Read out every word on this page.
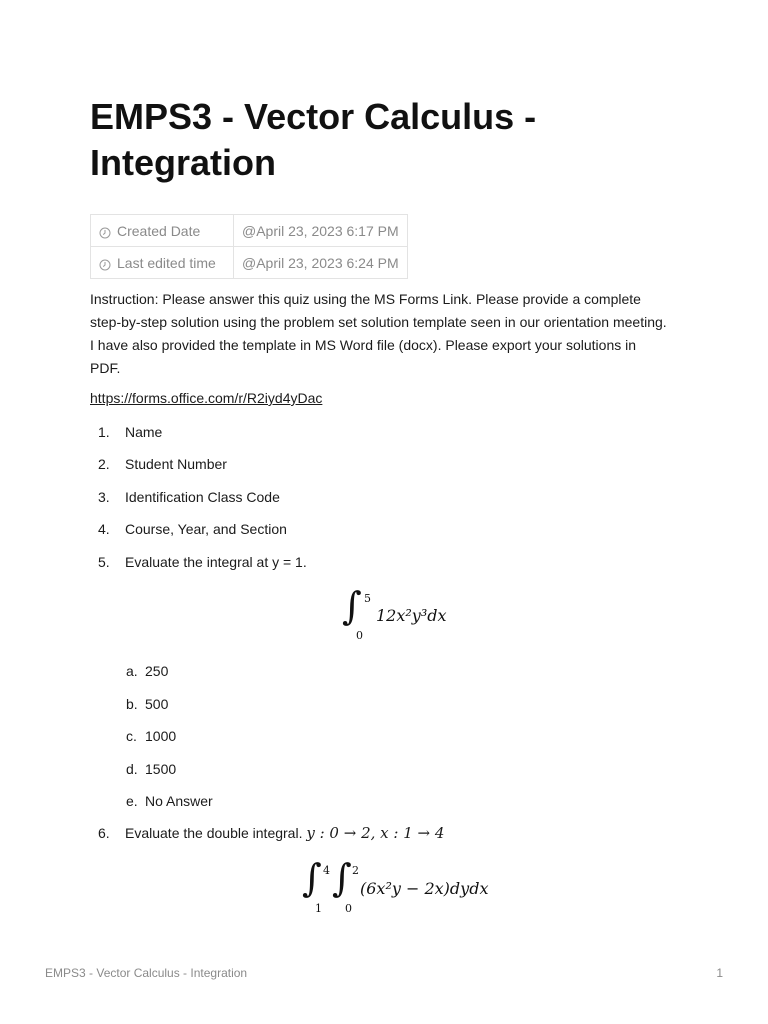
EMPS3 - Vector Calculus - Integration
Created Date	@April 23, 2023 6:17 PM
Last edited time	@April 23, 2023 6:24 PM

Instruction: Please answer this quiz using the MS Forms Link. Please provide a complete step-by-step solution using the problem set solution template seen in our orientation meeting. I have also provided the template in MS Word file (docx). Please export your solutions in PDF.

https://forms.office.com/r/R2iyd4yDac
1. Name
2. Student Number
3. Identification Class Code
4. Course, Year, and Section
5. Evaluate the integral at y = 1.
∫ 5
0
12x²y³dx
a. 250
b. 500
c. 1000
d. 1500
e. No Answer
6. Evaluate the double integral. y : 0 → 2, x : 1 → 4
∫ 4
1
∫ 2
0
(6x²y − 2x)dydx
EMPS3 - Vector Calculus - Integration	1
